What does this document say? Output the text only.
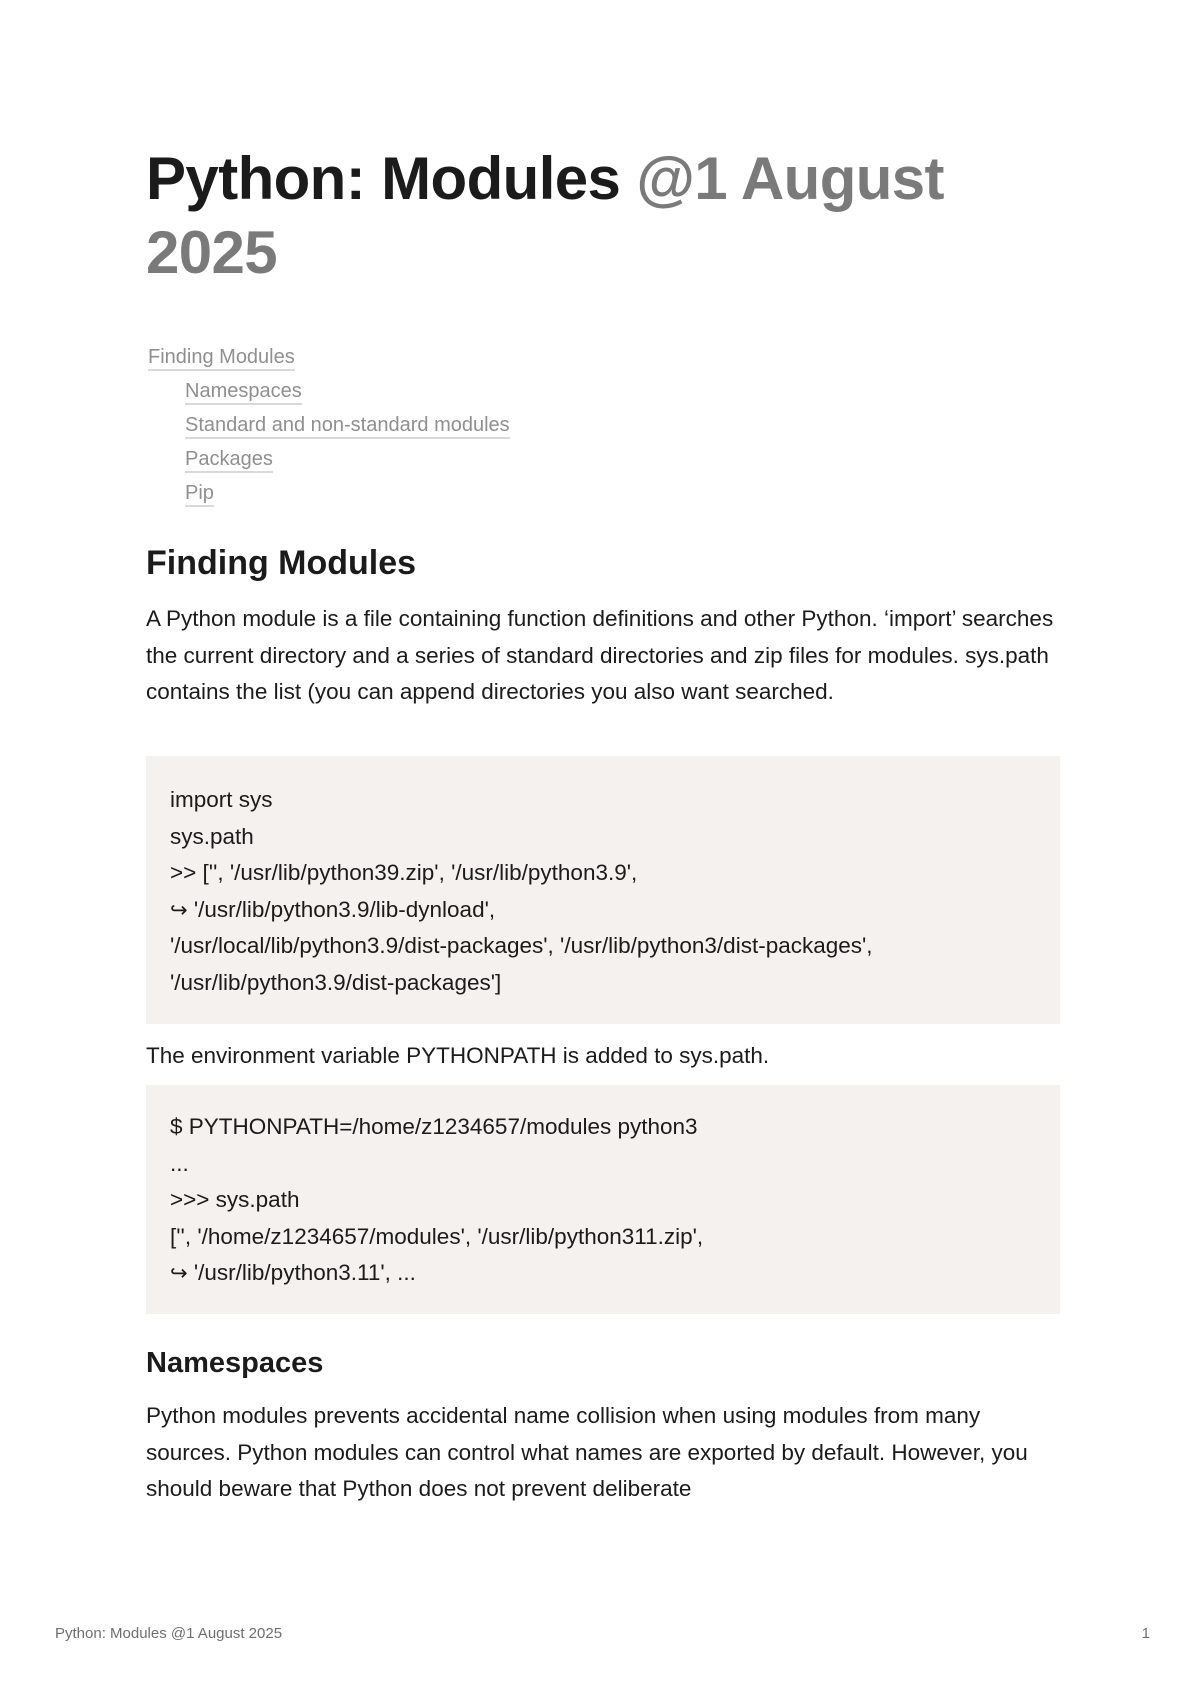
Python: Modules @1 August 2025
Finding Modules
Namespaces
Standard and non-standard modules
Packages
Pip
Finding Modules

A Python module is a file containing function definitions and other Python. ‘import’ searches the current directory and a series of standard directories and zip files for modules. sys.path contains the list (you can append directories you also want searched.

import sys
sys.path
>> ['', '/usr/lib/python39.zip', '/usr/lib/python3.9',
↪ '/usr/lib/python3.9/lib-dynload',
'/usr/local/lib/python3.9/dist-packages', '/usr/lib/python3/dist-packages',
'/usr/lib/python3.9/dist-packages']

The environment variable PYTHONPATH is added to sys.path.

$ PYTHONPATH=/home/z1234657/modules python3
...
>>> sys.path
['', '/home/z1234657/modules', '/usr/lib/python311.zip',
↪ '/usr/lib/python3.11', ...
Namespaces

Python modules prevents accidental name collision when using modules from many sources. Python modules can control what names are exported by default. However, you should beware that Python does not prevent deliberate

Python: Modules @1 August 2025	1
